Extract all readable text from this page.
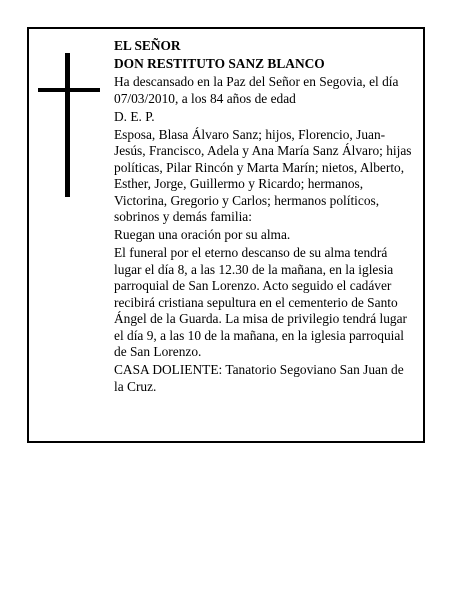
EL SEÑOR

DON RESTITUTO SANZ BLANCO

Ha descansado en la Paz del Señor en Segovia, el día 07/03/2010, a los 84 años de edad

D. E. P.

Esposa, Blasa Álvaro Sanz; hijos, Florencio, Juan-Jesús, Francisco, Adela y Ana María Sanz Álvaro; hijas políticas, Pilar Rincón y Marta Marín; nietos, Alberto, Esther, Jorge, Guillermo y Ricardo; hermanos, Victorina, Gregorio y Carlos; hermanos políticos, sobrinos y demás familia:

Ruegan una oración por su alma.

El funeral por el eterno descanso de su alma tendrá lugar el día 8, a las 12.30 de la mañana, en la iglesia parroquial de San Lorenzo. Acto seguido el cadáver recibirá cristiana sepultura en el cementerio de Santo Ángel de la Guarda. La misa de privilegio tendrá lugar el día 9, a las 10 de la mañana, en la iglesia parroquial de San Lorenzo.

CASA DOLIENTE: Tanatorio Segoviano San Juan de la Cruz.
